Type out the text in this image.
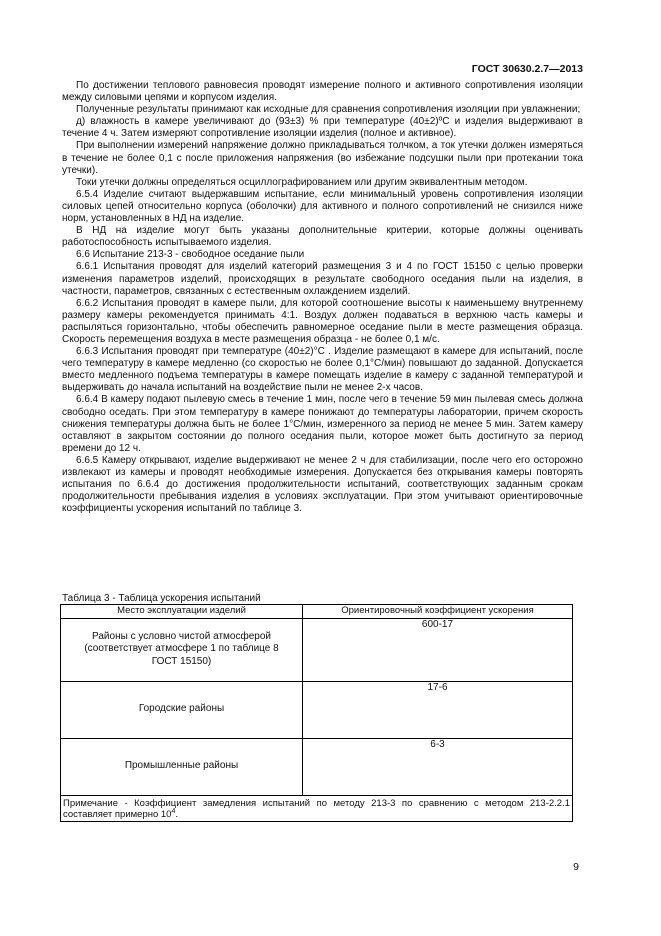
ГОСТ 30630.2.7—2013

По достижении теплового равновесия проводят измерение полного и активного сопротивления изоляции между силовыми цепями и корпусом изделия.

Полученные результаты принимают как исходные для сравнения сопротивления изоляции при увлажнении;

д) влажность в камере увеличивают до (93±3) % при температуре (40±2)ºС и изделия выдерживают в течение 4 ч. Затем измеряют сопротивление изоляции изделия (полное и активное).

При выполнении измерений напряжение должно прикладываться толчком, а ток утечки должен измеряться в течение не более 0,1 с после приложения напряжения (во избежание подсушки пыли при протекании тока утечки).

Токи утечки должны определяться осциллографированием или другим эквивалентным методом.

6.5.4 Изделие считают выдержавшим испытание, если минимальный уровень сопротивления изоляции силовых цепей относительно корпуса (оболочки) для активного и полного сопротивлений не снизился ниже норм, установленных в НД на изделие.

В НД на изделие могут быть указаны дополнительные критерии, которые должны оценивать работоспособность испытываемого изделия.

6.6 Испытание 213-3 - свободное оседание пыли

6.6.1 Испытания проводят для изделий категорий размещения 3 и 4 по ГОСТ 15150 с целью проверки изменения параметров изделий, происходящих в результате свободного оседания пыли на изделия, в частности, параметров, связанных с естественным охлаждением изделий.

6.6.2 Испытания проводят в камере пыли, для которой соотношение высоты к наименьшему внутреннему размеру камеры рекомендуется принимать 4:1. Воздух должен подаваться в верхнюю часть камеры и распыляться горизонтально, чтобы обеспечить равномерное оседание пыли в месте размещения образца. Скорость перемещения воздуха в месте размещения образца - не более 0,1 м/с.

6.6.3 Испытания проводят при температуре (40±2)°С . Изделие размещают в камере для испытаний, после чего температуру в камере медленно (со скоростью не более 0,1°С/мин) повышают до заданной. Допускается вместо медленного подъема температуры в камере помещать изделие в камеру с заданной температурой и выдерживать до начала испытаний на воздействие пыли не менее 2-х часов.

6.6.4 В камеру подают пылевую смесь в течение 1 мин, после чего в течение 59 мин пылевая смесь должна свободно оседать. При этом температуру в камере понижают до температуры лаборатории, причем скорость снижения температуры должна быть не более 1°С/мин, измеренного за период не менее 5 мин. Затем камеру оставляют в закрытом состоянии до полного оседания пыли, которое может быть достигнуто за период времени до 12 ч.

6.6.5 Камеру открывают, изделие выдерживают не менее 2 ч для стабилизации, после чего его осторожно извлекают из камеры и проводят необходимые измерения. Допускается без открывания камеры повторять испытания по 6.6.4 до достижения продолжительности испытаний, соответствующих заданным срокам продолжительности пребывания изделия в условиях эксплуатации. При этом учитывают ориентировочные коэффициенты ускорения испытаний по таблице 3.

Таблица 3 - Таблица ускорения испытаний
Место эксплуатации изделий	Ориентировочный коэффициент ускорения
Районы с условно чистой атмосферой (соответствует атмосфере 1 по таблице 8 ГОСТ 15150)	600-17
Городские районы	17-6
Промышленные районы	6-3
Примечание - Коэффициент замедления испытаний по методу 213-3 по сравнению с методом 213-2.2.1 составляет примерно $10^4$.	
9
